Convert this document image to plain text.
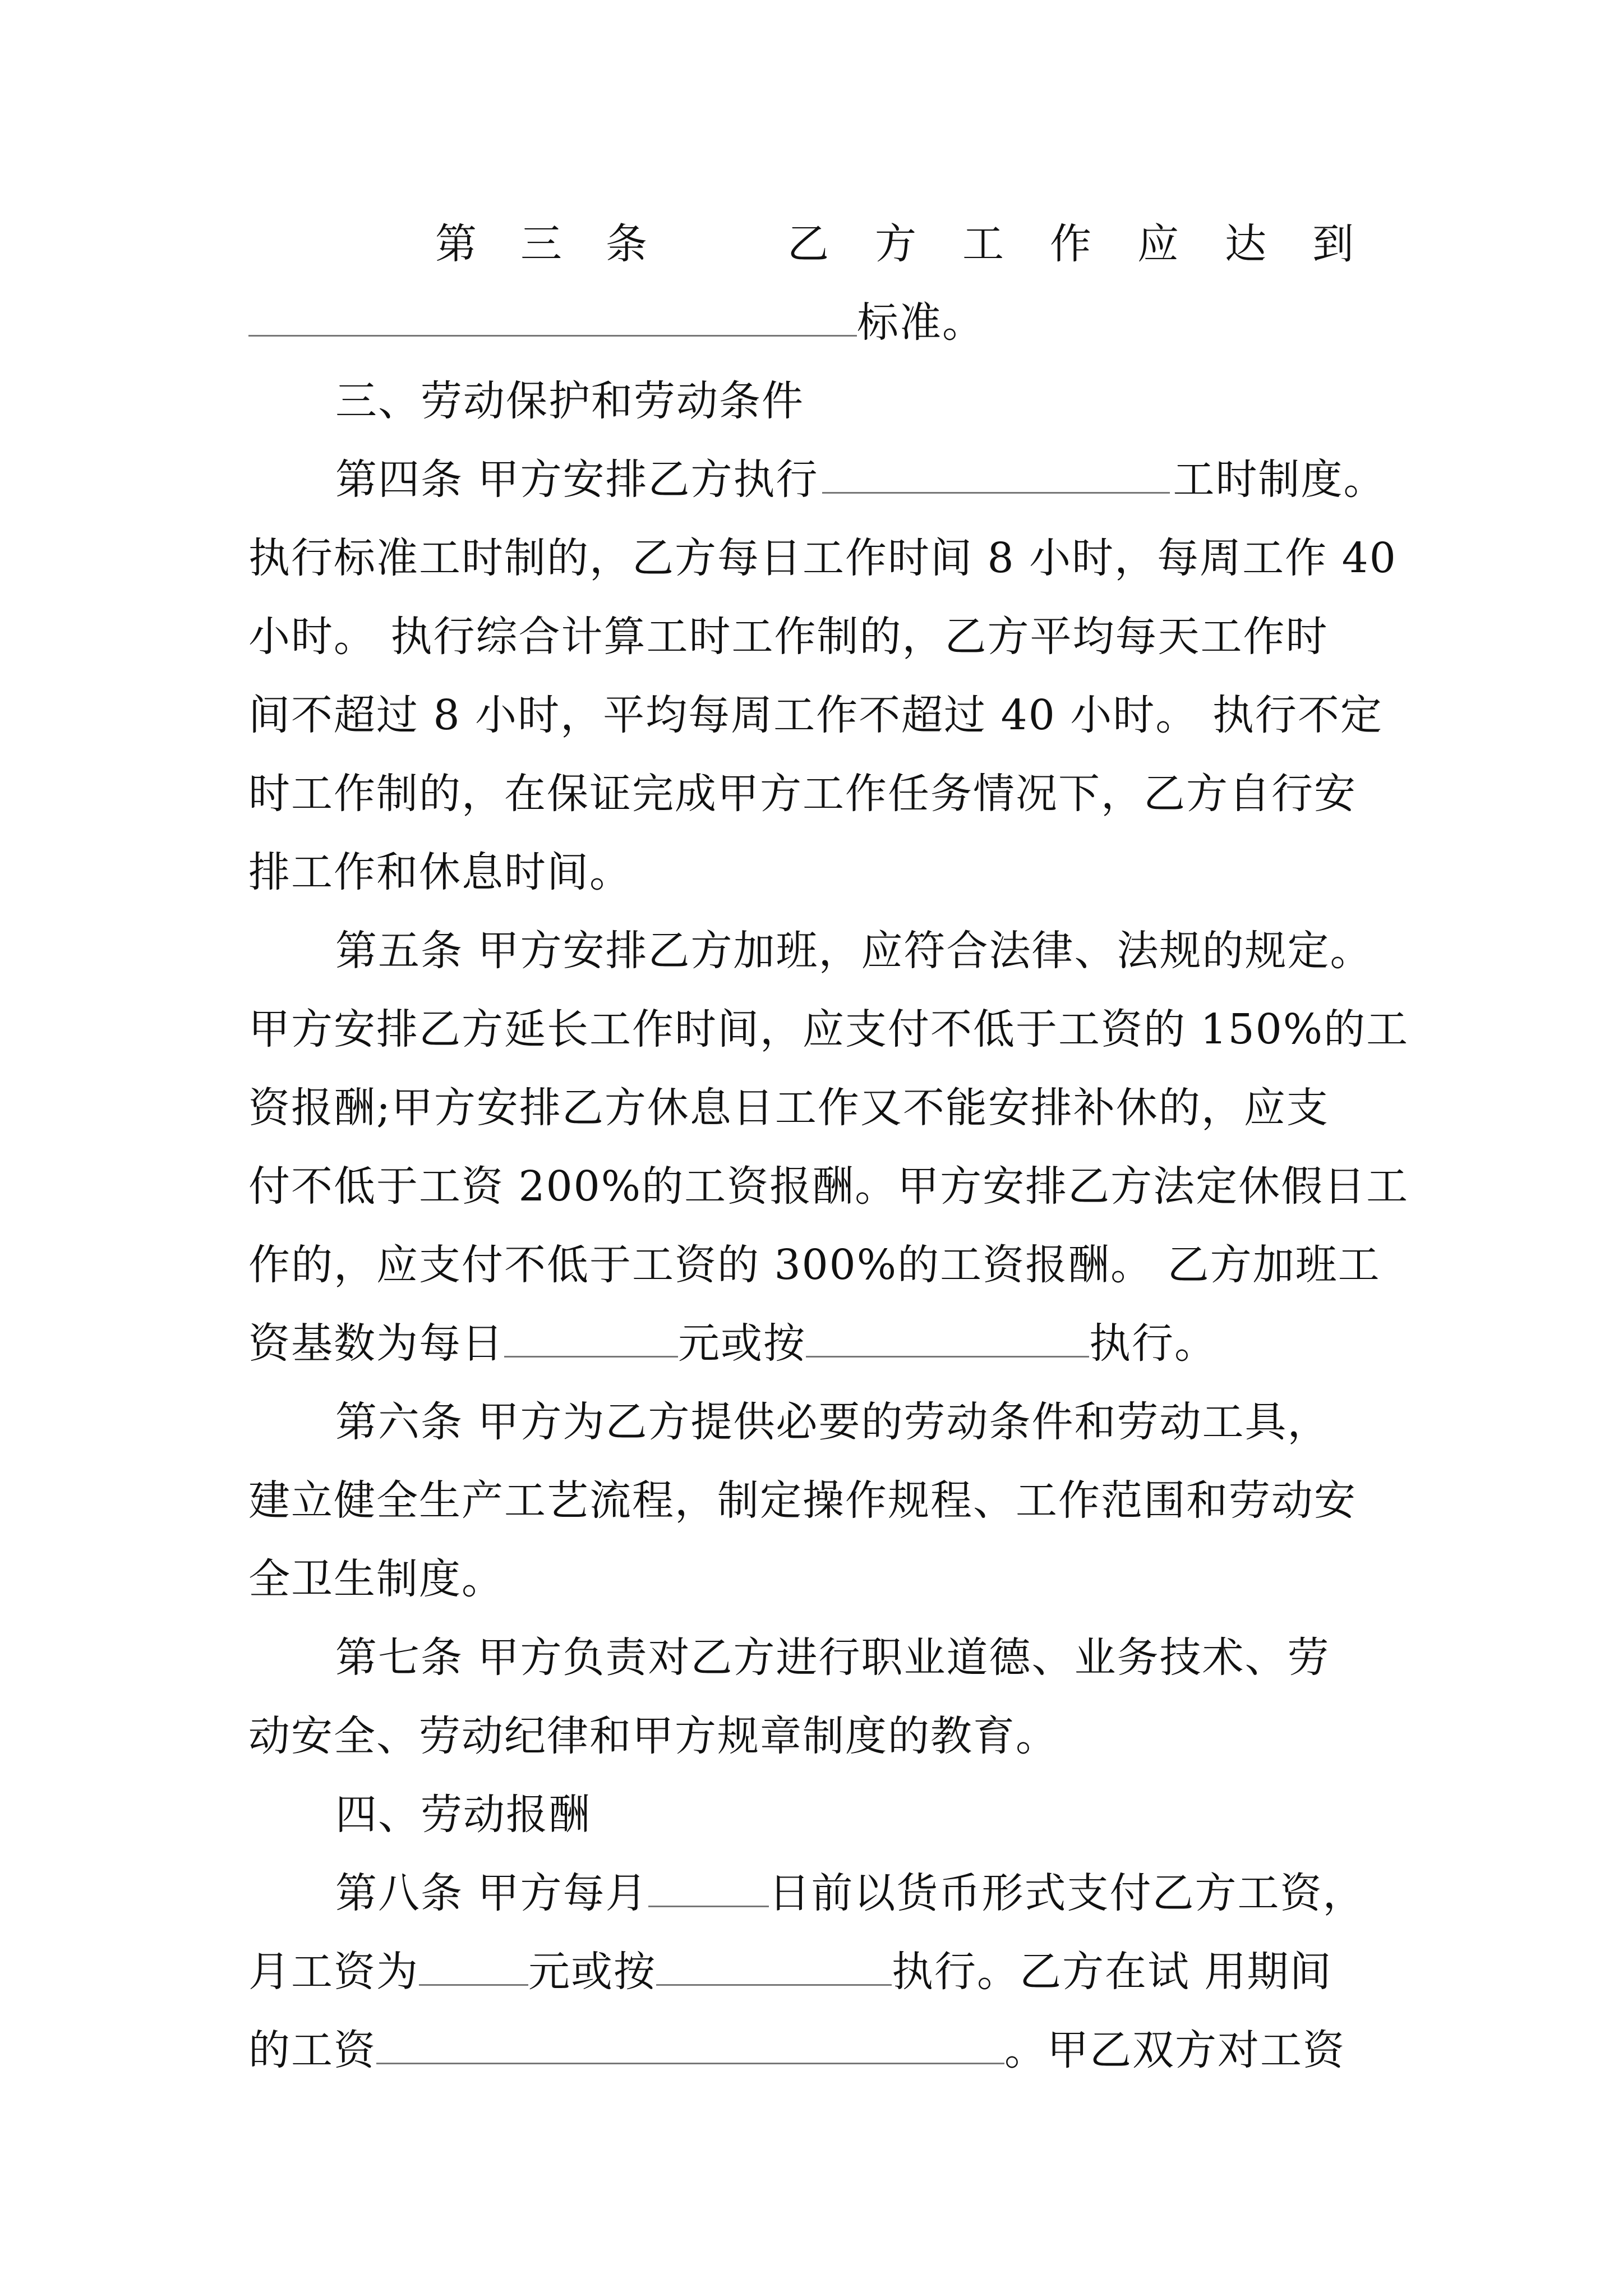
第 三 条	乙 方 工 作 应 达 到
标准。
三、劳动保护和劳动条件
第四条 甲方安排乙方执行	工时制度。
执行标准工时制的，乙方每日工作时间 8 小时，每周工作 40
小时。 执行综合计算工时工作制的，乙方平均每天工作时
间不超过 8 小时，平均每周工作不超过 40 小时。 执行不定
时工作制的，在保证完成甲方工作任务情况下，乙方自行安
排工作和休息时间。
第五条 甲方安排乙方加班，应符合法律、法规的规定。
甲方安排乙方延长工作时间，应支付不低于工资的 150%的工
资报酬;甲方安排乙方休息日工作又不能安排补休的，应支
付不低于工资 200%的工资报酬。甲方安排乙方法定休假日工
作的，应支付不低于工资的 300%的工资报酬。 乙方加班工
资基数为每日	元或按	执行。
第六条 甲方为乙方提供必要的劳动条件和劳动工具，
建立健全生产工艺流程，制定操作规程、工作范围和劳动安
全卫生制度。
第七条 甲方负责对乙方进行职业道德、业务技术、劳
动安全、劳动纪律和甲方规章制度的教育。
四、劳动报酬
第八条 甲方每月	日前以货币形式支付乙方工资，
月工资为	元或按	执行。乙方在试 用期间
的工资	。甲乙双方对工资
